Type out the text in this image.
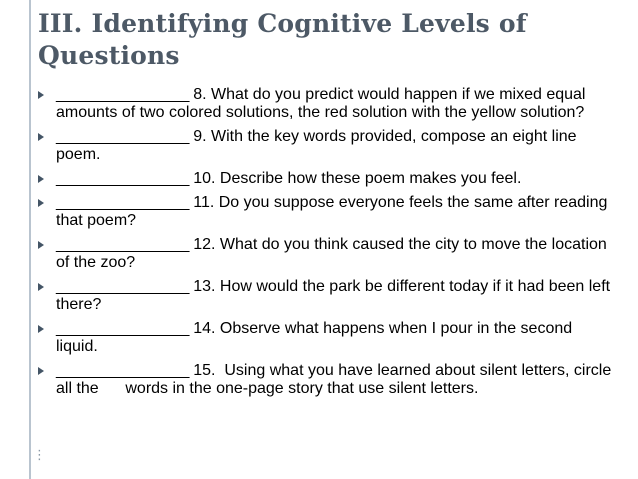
III. Identifying Cognitive Levels of Questions
________________ 8. What do you predict would happen if we mixed equal amounts of two colored solutions, the red solution with the yellow solution?
________________ 9. With the key words provided, compose an eight line poem.
________________ 10. Describe how these poem makes you feel.
________________ 11. Do you suppose everyone feels the same after reading that poem?
________________ 12. What do you think caused the city to move the location of the zoo?
________________ 13. How would the park be different today if it had been left there?
________________ 14. Observe what happens when I pour in the second liquid.
________________ 15.  Using what you have learned about silent letters, circle all the      words in the one-page story that use silent letters.
⋮
